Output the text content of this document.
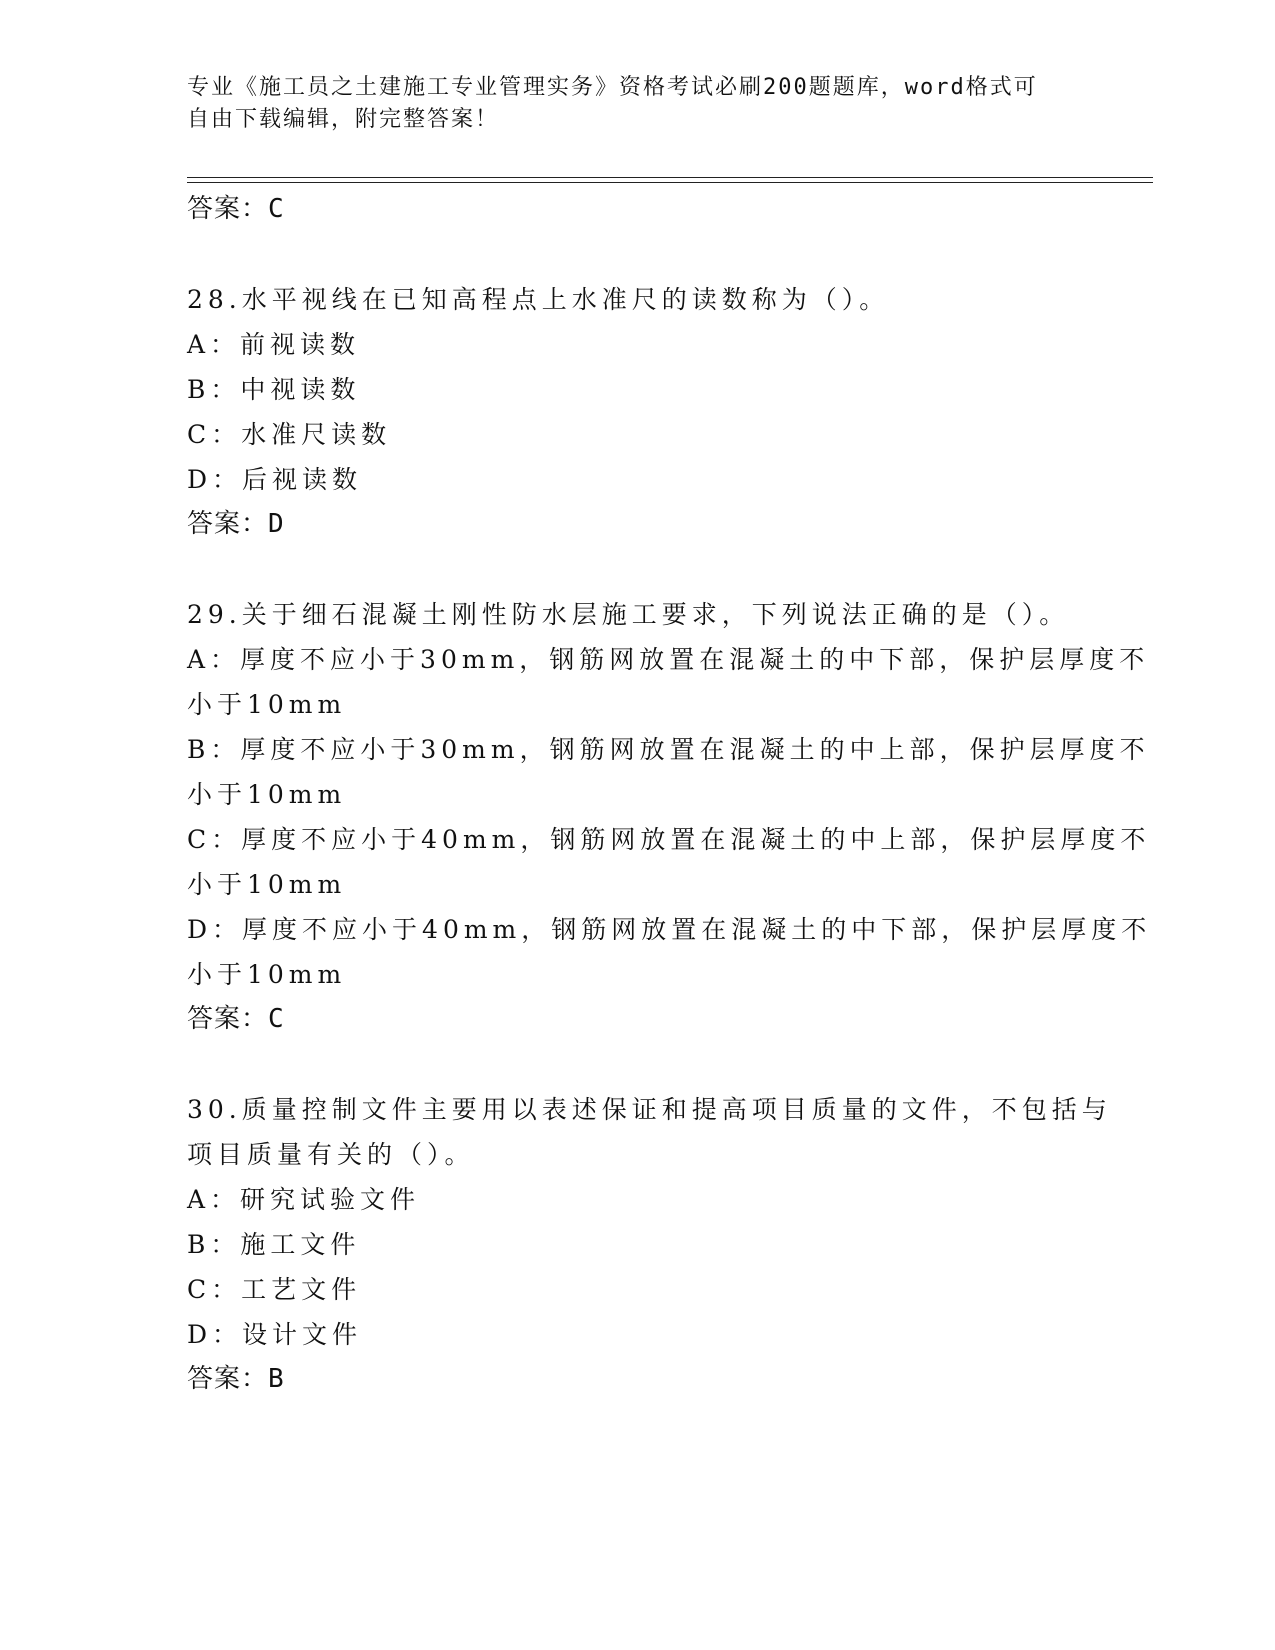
专业《施工员之土建施工专业管理实务》资格考试必刷200题题库，word格式可
自由下载编辑，附完整答案！
答案：C
28.水平视线在已知高程点上水准尺的读数称为（）。
A：前视读数
B：中视读数
C：水准尺读数
D：后视读数
答案：D
29.关于细石混凝土刚性防水层施工要求，下列说法正确的是（）。
A：厚度不应小于30mm，钢筋网放置在混凝土的中下部，保护层厚度不
小于10mm
B：厚度不应小于30mm，钢筋网放置在混凝土的中上部，保护层厚度不
小于10mm
C：厚度不应小于40mm，钢筋网放置在混凝土的中上部，保护层厚度不
小于10mm
D：厚度不应小于40mm，钢筋网放置在混凝土的中下部，保护层厚度不
小于10mm
答案：C
30.质量控制文件主要用以表述保证和提高项目质量的文件，不包括与
项目质量有关的（）。
A：研究试验文件
B：施工文件
C：工艺文件
D：设计文件
答案：B
